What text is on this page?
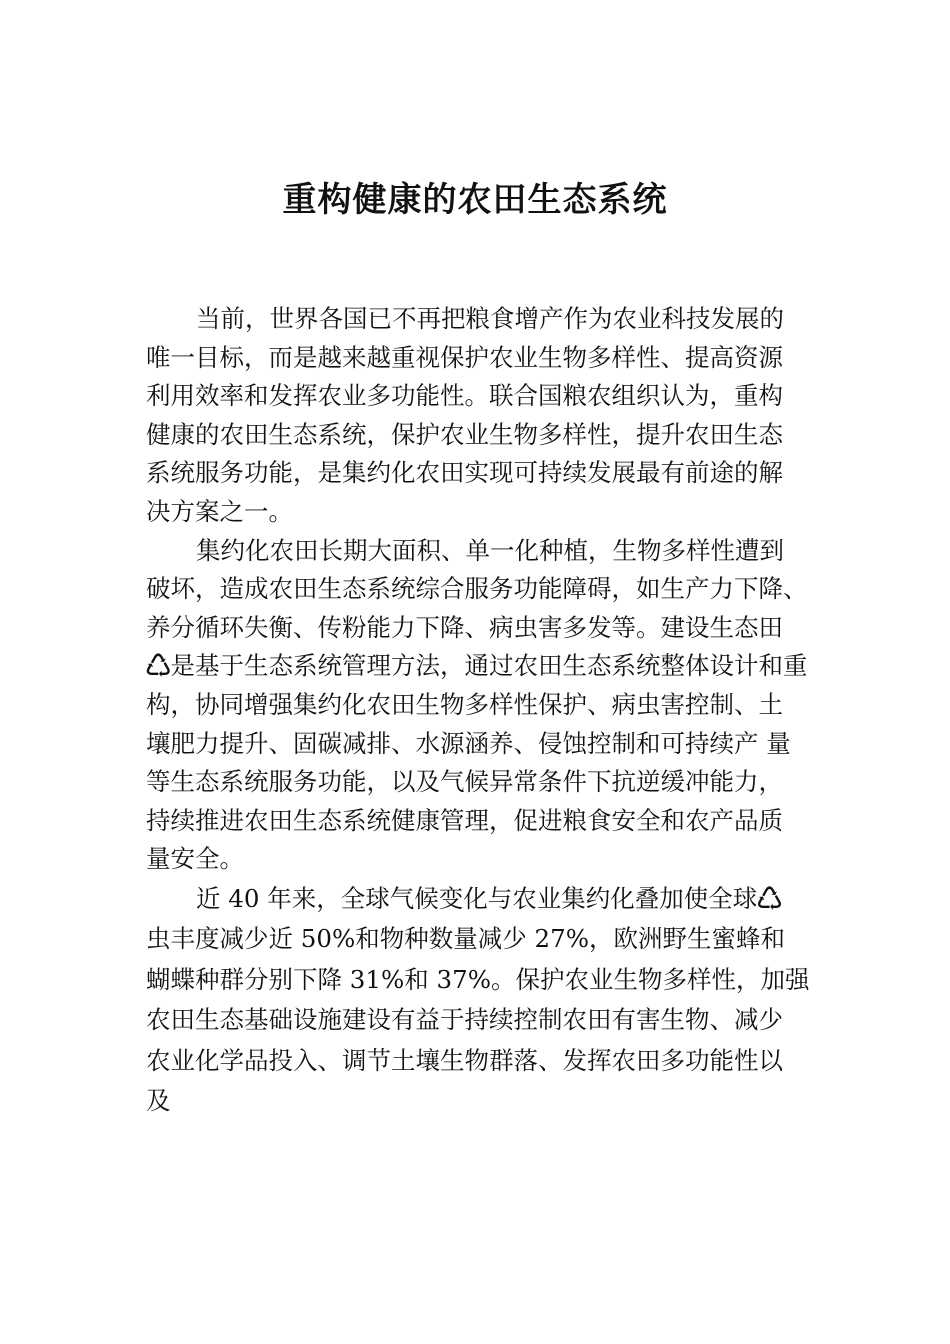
重构健康的农田生态系统
当前，世界各国已不再把粮食增产作为农业科技发展的
唯一目标，而是越来越重视保护农业生物多样性、提高资源
利用效率和发挥农业多功能性。联合国粮农组织认为，重构
健康的农田生态系统，保护农业生物多样性，提升农田生态
系统服务功能，是集约化农田实现可持续发展最有前途的解
决方案之一。
集约化农田长期大面积、单一化种植，生物多样性遭到
破坏，造成农田生态系统综合服务功能障碍，如生产力下降、
养分循环失衡、传粉能力下降、病虫害多发等。建设生态田
♺是基于生态系统管理方法，通过农田生态系统整体设计和重
构，协同增强集约化农田生物多样性保护、病虫害控制、土
壤肥力提升、固碳减排、水源涵养、侵蚀控制和可持续产 量
等生态系统服务功能，以及气候异常条件下抗逆缓冲能力，
持续推进农田生态系统健康管理，促进粮食安全和农产品质
量安全。
近 40 年来，全球气候变化与农业集约化叠加使全球♺
虫丰度减少近 50%和物种数量减少 27%，欧洲野生蜜蜂和
蝴蝶种群分别下降 31%和 37%。保护农业生物多样性，加强
农田生态基础设施建设有益于持续控制农田有害生物、减少
农业化学品投入、调节土壤生物群落、发挥农田多功能性以
及
